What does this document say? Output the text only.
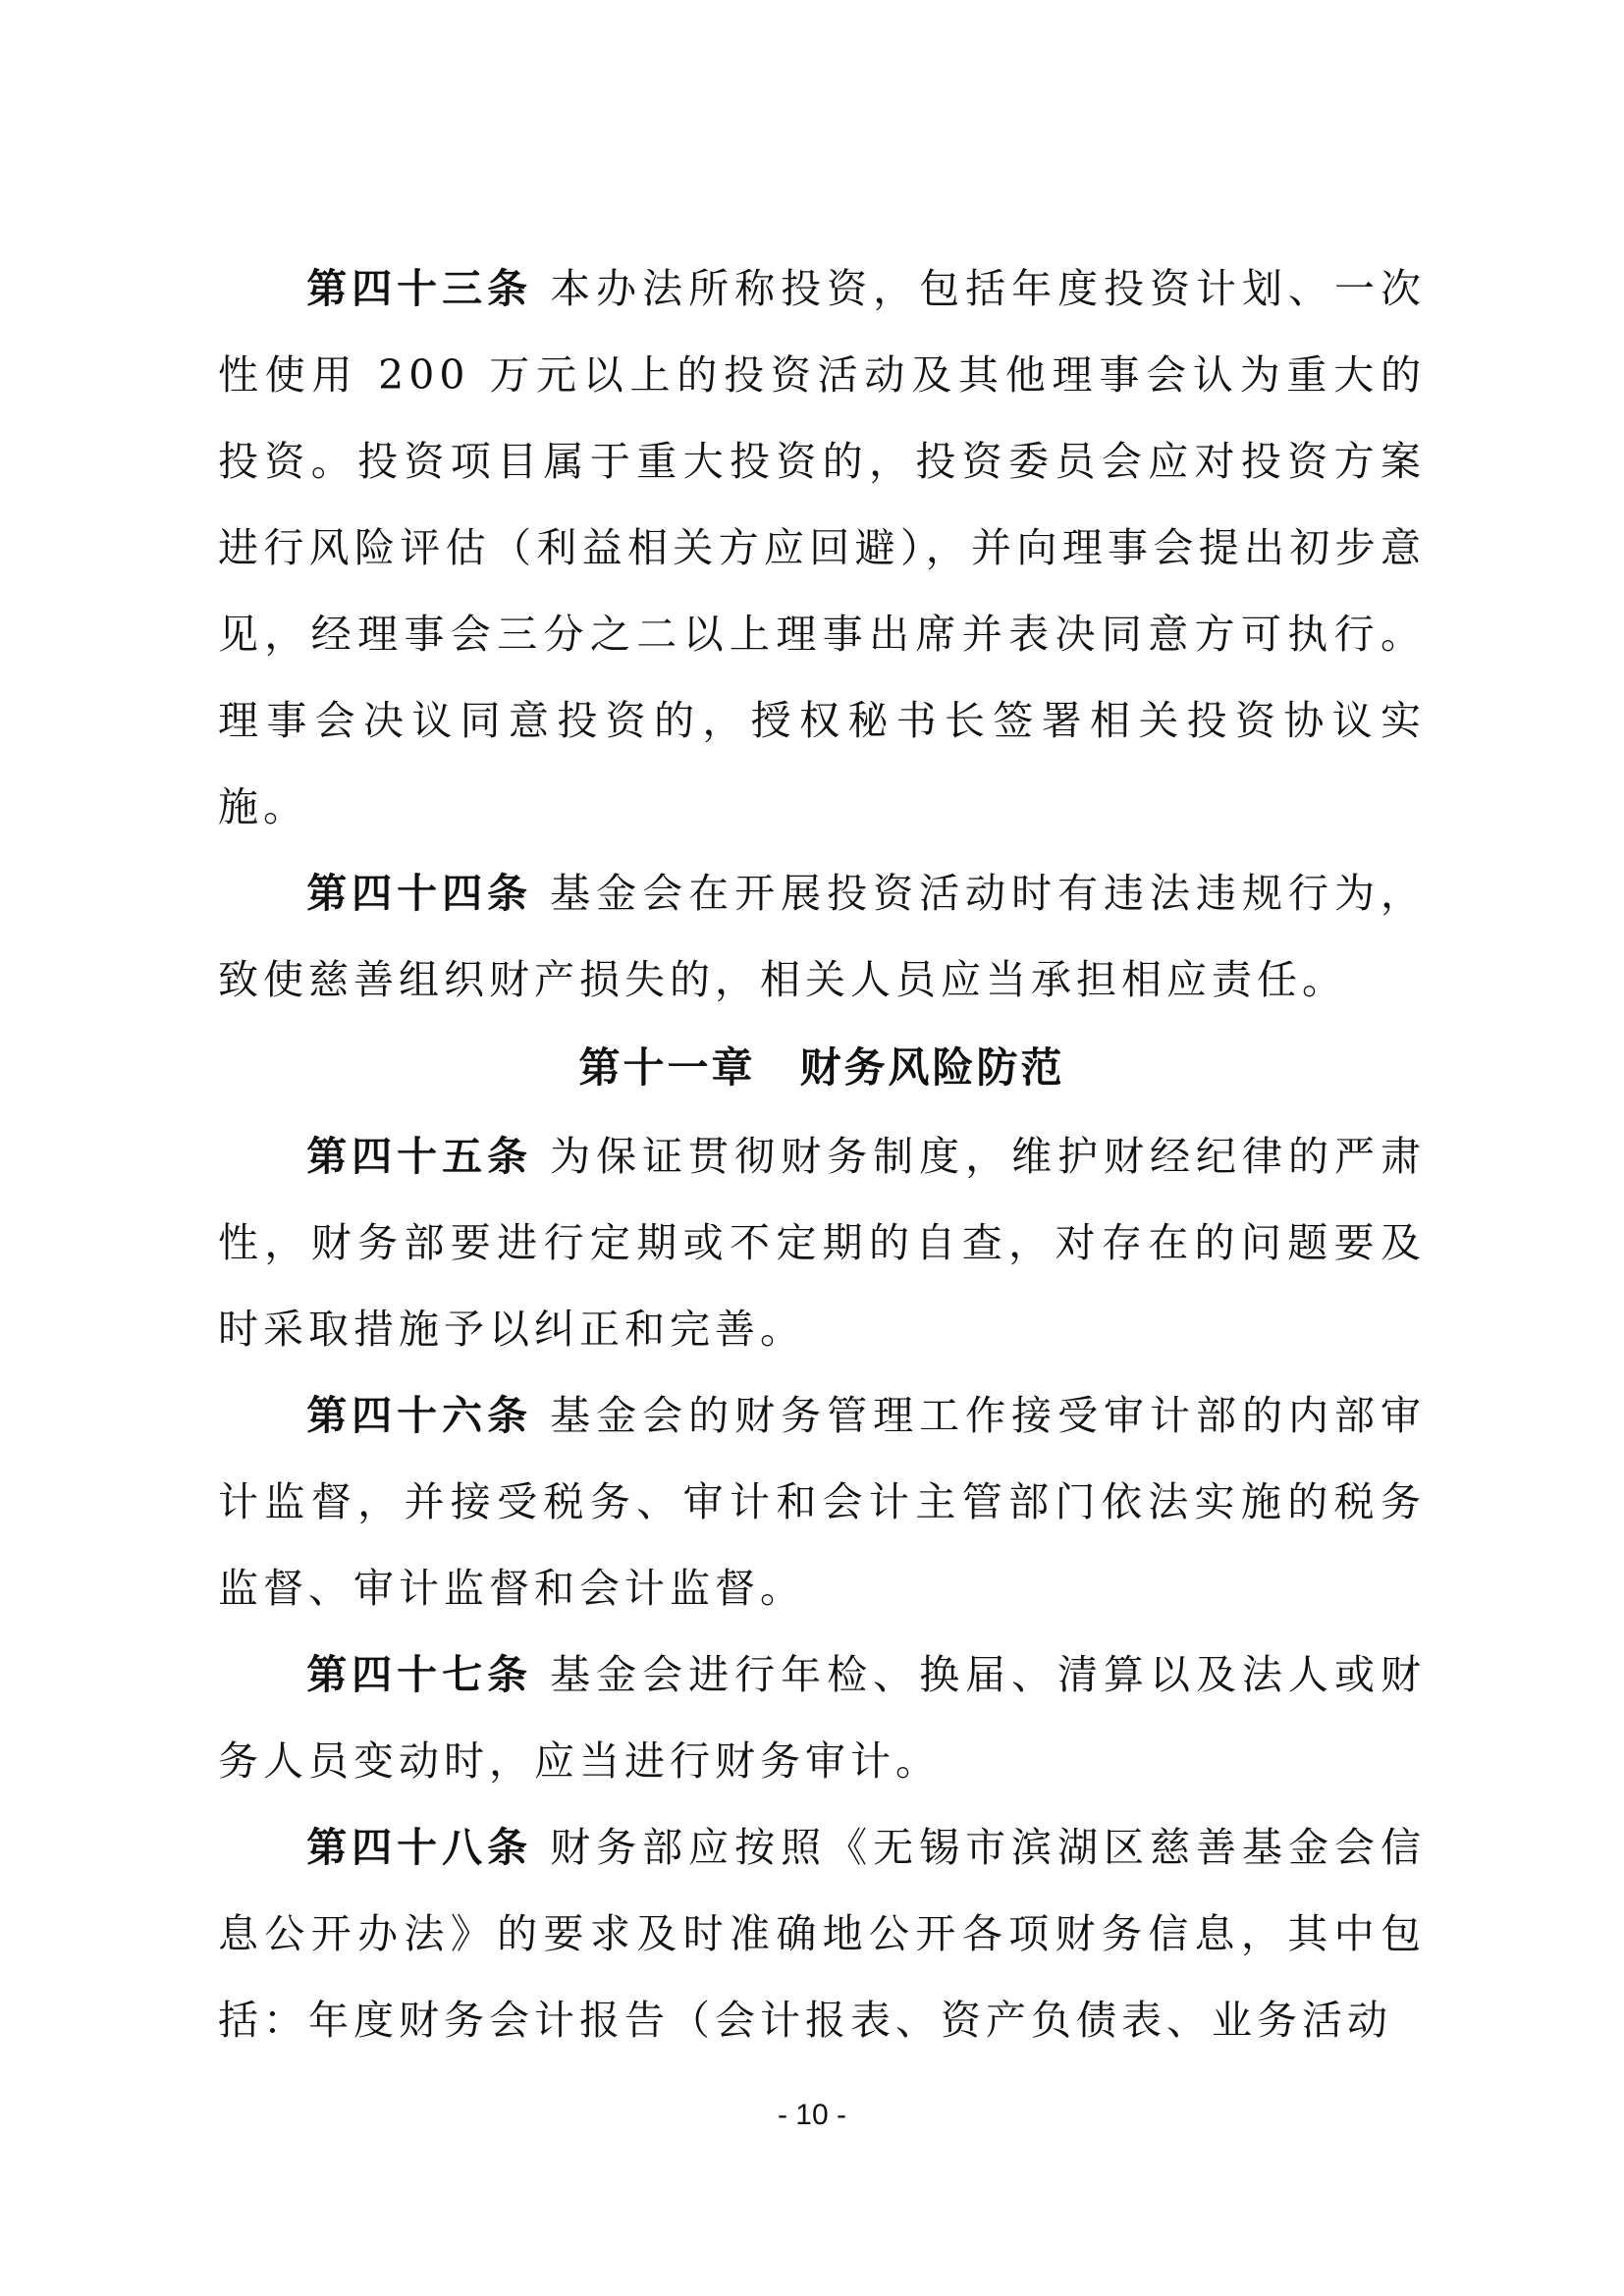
第四十三条 本办法所称投资，包括年度投资计划、一次性使用 200 万元以上的投资活动及其他理事会认为重大的投资。投资项目属于重大投资的，投资委员会应对投资方案进行风险评估（利益相关方应回避），并向理事会提出初步意见，经理事会三分之二以上理事出席并表决同意方可执行。理事会决议同意投资的，授权秘书长签署相关投资协议实施。

第四十四条 基金会在开展投资活动时有违法违规行为，致使慈善组织财产损失的，相关人员应当承担相应责任。

第十一章　财务风险防范

第四十五条 为保证贯彻财务制度，维护财经纪律的严肃性，财务部要进行定期或不定期的自查，对存在的问题要及时采取措施予以纠正和完善。

第四十六条 基金会的财务管理工作接受审计部的内部审计监督，并接受税务、审计和会计主管部门依法实施的税务监督、审计监督和会计监督。

第四十七条 基金会进行年检、换届、清算以及法人或财务人员变动时，应当进行财务审计。

第四十八条 财务部应按照《无锡市滨湖区慈善基金会信息公开办法》的要求及时准确地公开各项财务信息，其中包括：年度财务会计报告（会计报表、资产负债表、业务活动

- 10 -
